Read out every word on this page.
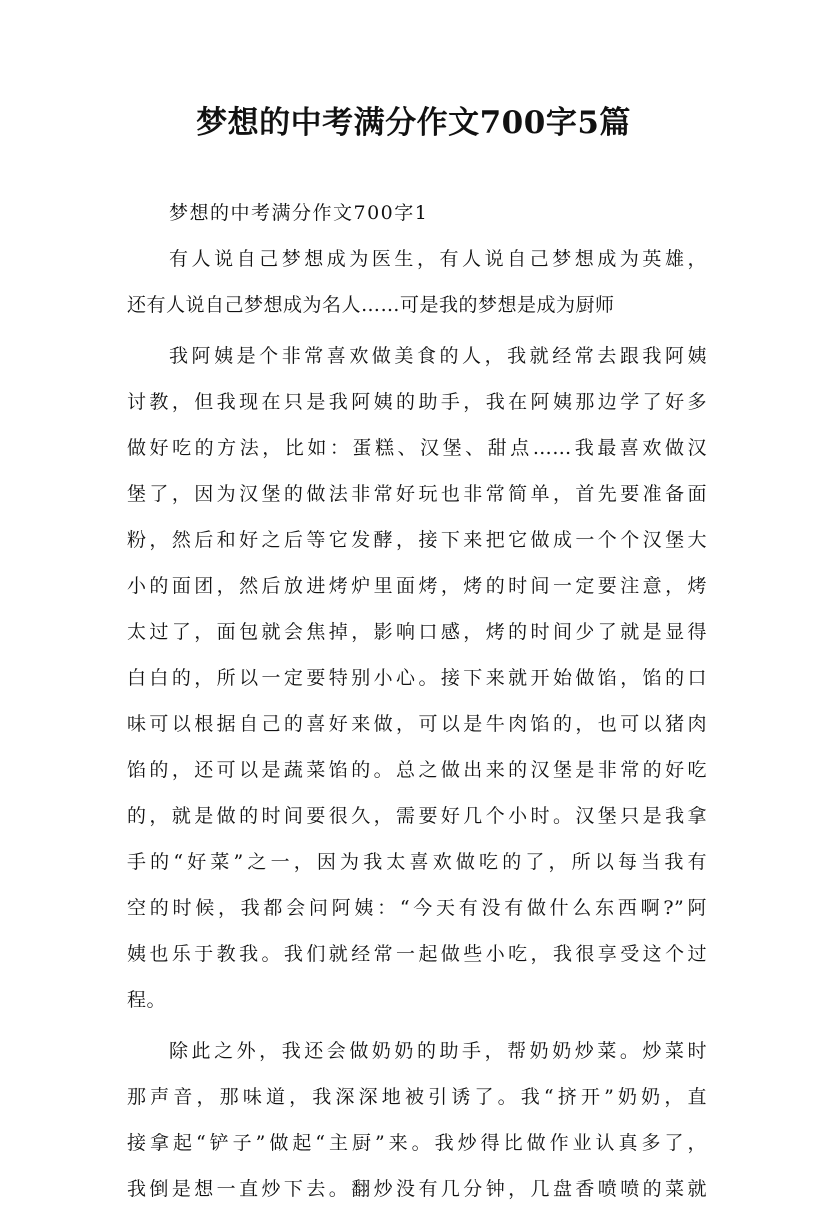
梦想的中考满分作文700字5篇

梦想的中考满分作文700字1

有人说自己梦想成为医生，有人说自己梦想成为英雄，

还有人说自己梦想成为名人……可是我的梦想是成为厨师

我阿姨是个非常喜欢做美食的人，我就经常去跟我阿姨

讨教，但我现在只是我阿姨的助手，我在阿姨那边学了好多

做好吃的方法，比如：蛋糕、汉堡、甜点……我最喜欢做汉

堡了，因为汉堡的做法非常好玩也非常简单，首先要准备面

粉，然后和好之后等它发酵，接下来把它做成一个个汉堡大

小的面团，然后放进烤炉里面烤，烤的时间一定要注意，烤

太过了，面包就会焦掉，影响口感，烤的时间少了就是显得

白白的，所以一定要特别小心。接下来就开始做馅，馅的口

味可以根据自己的喜好来做，可以是牛肉馅的，也可以猪肉

馅的，还可以是蔬菜馅的。总之做出来的汉堡是非常的好吃

的，就是做的时间要很久，需要好几个小时。汉堡只是我拿

手的“好菜”之一，因为我太喜欢做吃的了，所以每当我有

空的时候，我都会问阿姨：“今天有没有做什么东西啊?”阿

姨也乐于教我。我们就经常一起做些小吃，我很享受这个过

程。

除此之外，我还会做奶奶的助手，帮奶奶炒菜。炒菜时

那声音，那味道，我深深地被引诱了。我“挤开”奶奶，直

接拿起“铲子”做起“主厨”来。我炒得比做作业认真多了，

我倒是想一直炒下去。翻炒没有几分钟，几盘香喷喷的菜就
